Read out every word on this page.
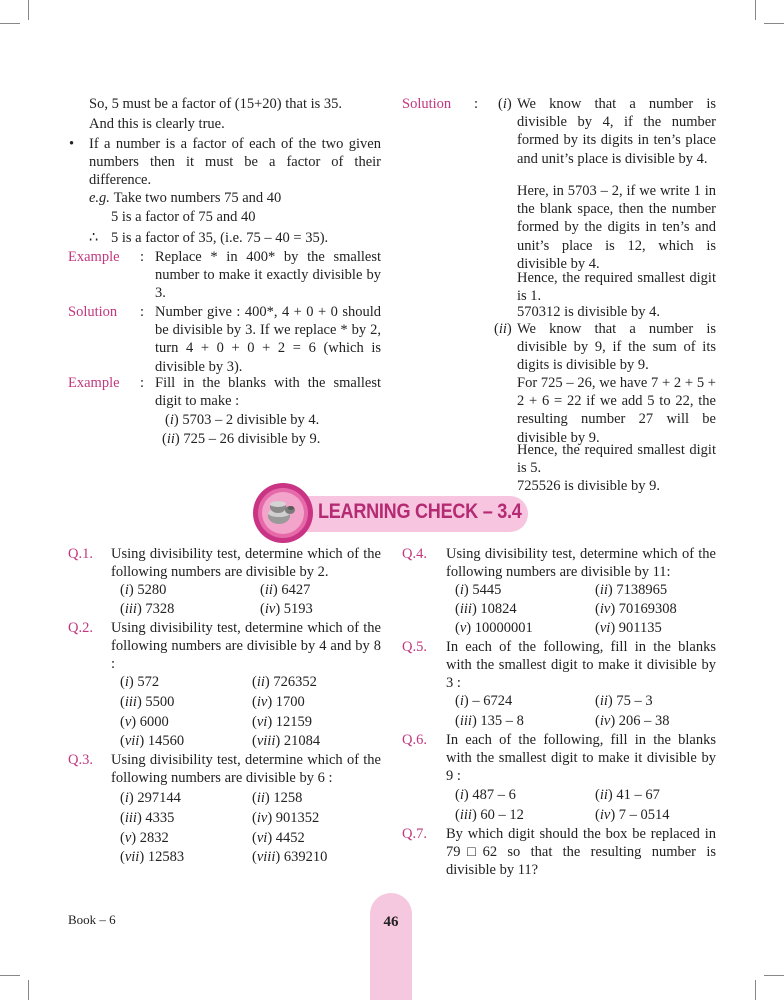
So, 5 must be a factor of (15+20) that is 35.
And this is clearly true.
• If a number is a factor of each of the two given numbers then it must be a factor of their difference.
e.g. Take two numbers 75 and 40
5 is a factor of 75 and 40
∴ 5 is a factor of 35, (i.e. 75 – 40 = 35).
Example : Replace * in 400* by the smallest number to make it exactly divisible by 3.
Solution : Number give : 400*, 4 + 0 + 0 should be divisible by 3. If we replace * by 2, turn 4 + 0 + 0 + 2 = 6 (which is divisible by 3).
Example : Fill in the blanks with the smallest digit to make :
(i) 5703 – 2 divisible by 4.
(ii) 725 – 26 divisible by 9.
Solution : (i) We know that a number is divisible by 4, if the number formed by its digits in ten’s place and unit’s place is divisible by 4.
Here, in 5703 – 2, if we write 1 in the blank space, then the number formed by the digits in ten’s and unit’s place is 12, which is divisible by 4.
Hence, the required smallest digit is 1.
570312 is divisible by 4.
(ii) We know that a number is divisible by 9, if the sum of its digits is divisible by 9.
For 725 – 26, we have 7 + 2 + 5 + 2 + 6 = 22 if we add 5 to 22, the resulting number 27 will be divisible by 9.
Hence, the required smallest digit is 5.
725526 is divisible by 9.
LEARNING CHECK – 3.4
Q.1. Using divisibility test, determine which of the following numbers are divisible by 2.
(i) 5280	(ii) 6427
(iii) 7328	(iv) 5193
Q.2. Using divisibility test, determine which of the following numbers are divisible by 4 and by 8 :
(i) 572	(ii) 726352
(iii) 5500	(iv) 1700
(v) 6000	(vi) 12159
(vii) 14560	(viii) 21084
Q.3. Using divisibility test, determine which of the following numbers are divisible by 6 :
(i) 297144	(ii) 1258
(iii) 4335	(iv) 901352
(v) 2832	(vi) 4452
(vii) 12583	(viii) 639210
Q.4. Using divisibility test, determine which of the following numbers are divisible by 11:
(i) 5445	(ii) 7138965
(iii) 10824	(iv) 70169308
(v) 10000001	(vi) 901135
Q.5. In each of the following, fill in the blanks with the smallest digit to make it divisible by 3 :
(i) – 6724	(ii) 75 – 3
(iii) 135 – 8	(iv) 206 – 38
Q.6. In each of the following, fill in the blanks with the smallest digit to make it divisible by 9 :
(i) 487 – 6	(ii) 41 – 67
(iii) 60 – 12	(iv) 7 – 0514
Q.7. By which digit should the box be replaced in 79□62 so that the resulting number is divisible by 11?
Book – 6	46
